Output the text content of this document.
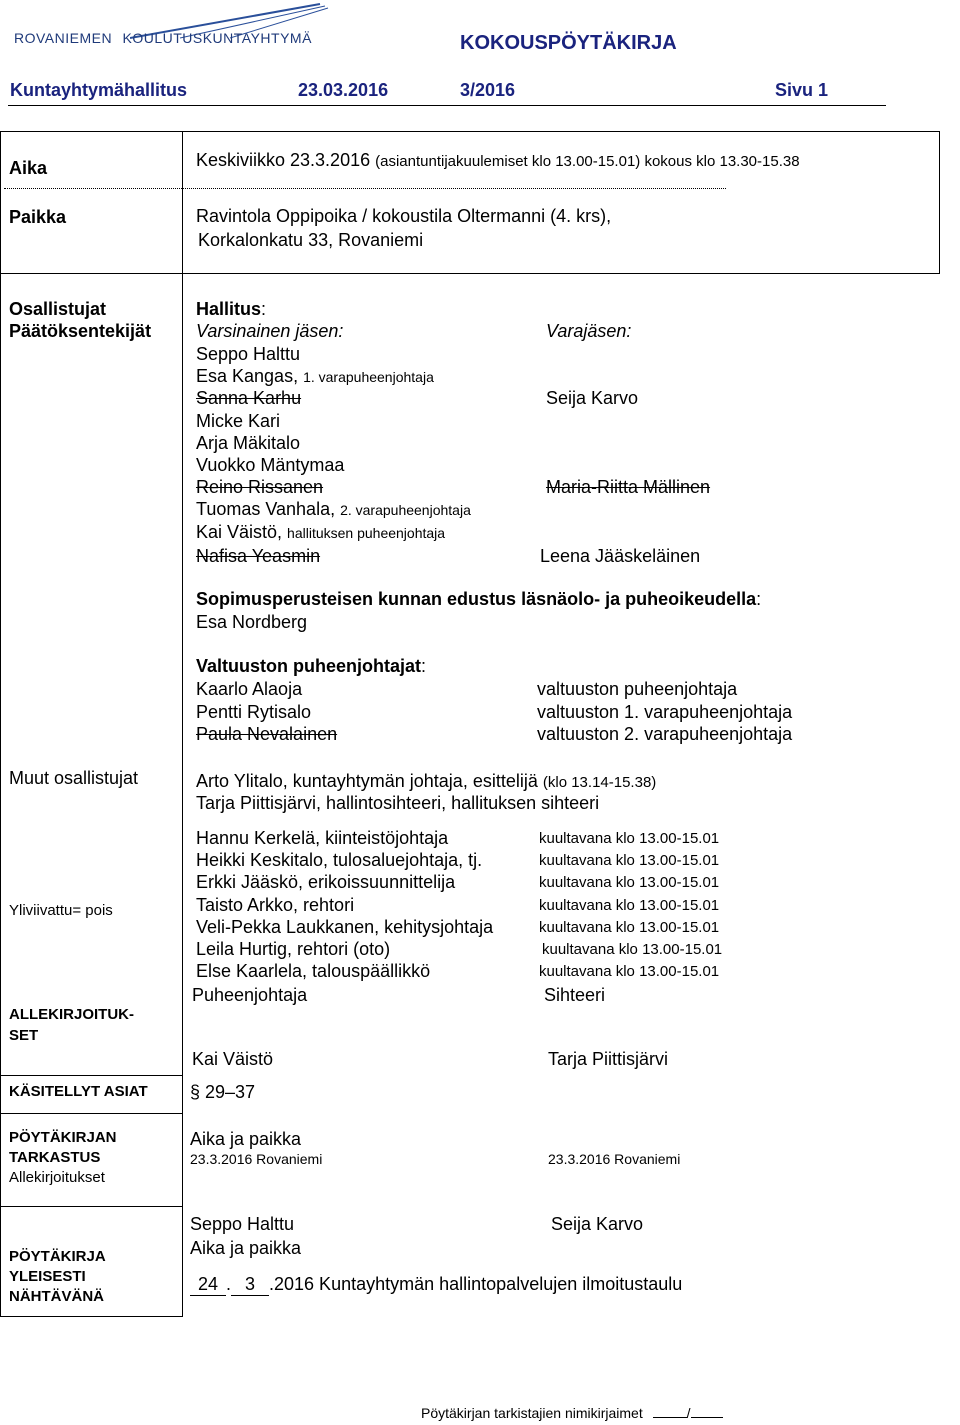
ROVANIEMEN KOULUTUSKUNTAYHTYMÄ	KOKOUSPÖYTÄKIRJA
Kuntayhtymähallitus	23.03.2016	3/2016	Sivu 1
Aika	Keskiviikko 23.3.2016 (asiantuntijakuulemiset klo 13.00-15.01) kokous klo 13.30-15.38
Paikka	Ravintola Oppipoika / kokoustila Oltermanni (4. krs),
Korkalonkatu 33, Rovaniemi
Osallistujat
Päätöksentekijät
Hallitus:
Varsinainen jäsen:	Varajäsen:
Seppo Halttu
Esa Kangas, 1. varapuheenjohtaja
Sanna Karhu	Seija Karvo
Micke Kari
Arja Mäkitalo
Vuokko Mäntymaa
Reino Rissanen	Maria-Riitta Mällinen
Tuomas Vanhala, 2. varapuheenjohtaja
Kai Väistö, hallituksen puheenjohtaja
Nafisa Yeasmin	Leena Jääskeläinen
Sopimusperusteisen kunnan edustus läsnäolo- ja puheoikeudella:
Esa Nordberg
Valtuuston puheenjohtajat:
Kaarlo Alaoja	valtuuston puheenjohtaja
Pentti Rytisalo	valtuuston 1. varapuheenjohtaja
Paula Nevalainen	valtuuston 2. varapuheenjohtaja
Muut osallistujat	Arto Ylitalo, kuntayhtymän johtaja, esittelijä (klo 13.14-15.38)
Tarja Piittisjärvi, hallintosihteeri, hallituksen sihteeri
Yliviivattu= pois
Hannu Kerkelä, kiinteistöjohtaja	kuultavana klo 13.00-15.01
Heikki Keskitalo, tulosaluejohtaja, tj.	kuultavana klo 13.00-15.01
Erkki Jääskö, erikoissuunnittelija	kuultavana klo 13.00-15.01
Taisto Arkko, rehtori	kuultavana klo 13.00-15.01
Veli-Pekka Laukkanen, kehitysjohtaja	kuultavana klo 13.00-15.01
Leila Hurtig, rehtori (oto)	kuultavana klo 13.00-15.01
Else Kaarlela, talouspäällikkö	kuultavana klo 13.00-15.01
ALLEKIRJOITUK-
SET
Puheenjohtaja	Sihteeri
Kai Väistö	Tarja Piittisjärvi
KÄSITELLYT ASIAT § 29–37
PÖYTÄKIRJAN
TARKASTUS
Allekirjoitukset
Aika ja paikka
23.3.2016 Rovaniemi	23.3.2016 Rovaniemi
Seppo Halttu	Seija Karvo
PÖYTÄKIRJA
YLEISESTI
NÄHTÄVÄNÄ
Aika ja paikka
24 . 3 .2016 Kuntayhtymän hallintopalvelujen ilmoitustaulu
Pöytäkirjan tarkistajien nimikirjaimet	/
